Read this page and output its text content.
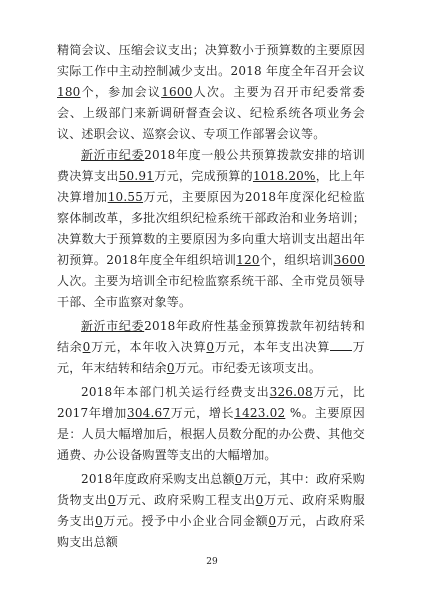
精简会议、压缩会议支出；决算数小于预算数的主要原因实际工作中主动控制减少支出。2018 年度全年召开会议180个，参加会议1600人次。主要为召开市纪委常委会、上级部门来新调研督查会议、纪检系统各项业务会议、述职会议、巡察会议、专项工作部署会议等。

新沂市纪委2018年度一般公共预算拨款安排的培训费决算支出50.91万元，完成预算的1018.20%，比上年决算增加10.55万元，主要原因为2018年度深化纪检监察体制改革，多批次组织纪检系统干部政治和业务培训；决算数大于预算数的主要原因为多向重大培训支出超出年初预算。2018年度全年组织培训120个，组织培训3600人次。主要为培训全市纪检监察系统干部、全市党员领导干部、全市监察对象等。

新沂市纪委2018年政府性基金预算拨款年初结转和结余0万元，本年收入决算0万元，本年支出决算 万元，年末结转和结余0万元。市纪委无该项支出。

2018年本部门机关运行经费支出326.08万元，比2017年增加304.67万元，增长1423.02 %。主要原因是：人员大幅增加后，根据人员数分配的办公费、其他交通费、办公设备购置等支出的大幅增加。

2018年度政府采购支出总额0万元，其中：政府采购货物支出0万元、政府采购工程支出0万元、政府采购服务支出0万元。授予中小企业合同金额0万元，占政府采购支出总额

29
